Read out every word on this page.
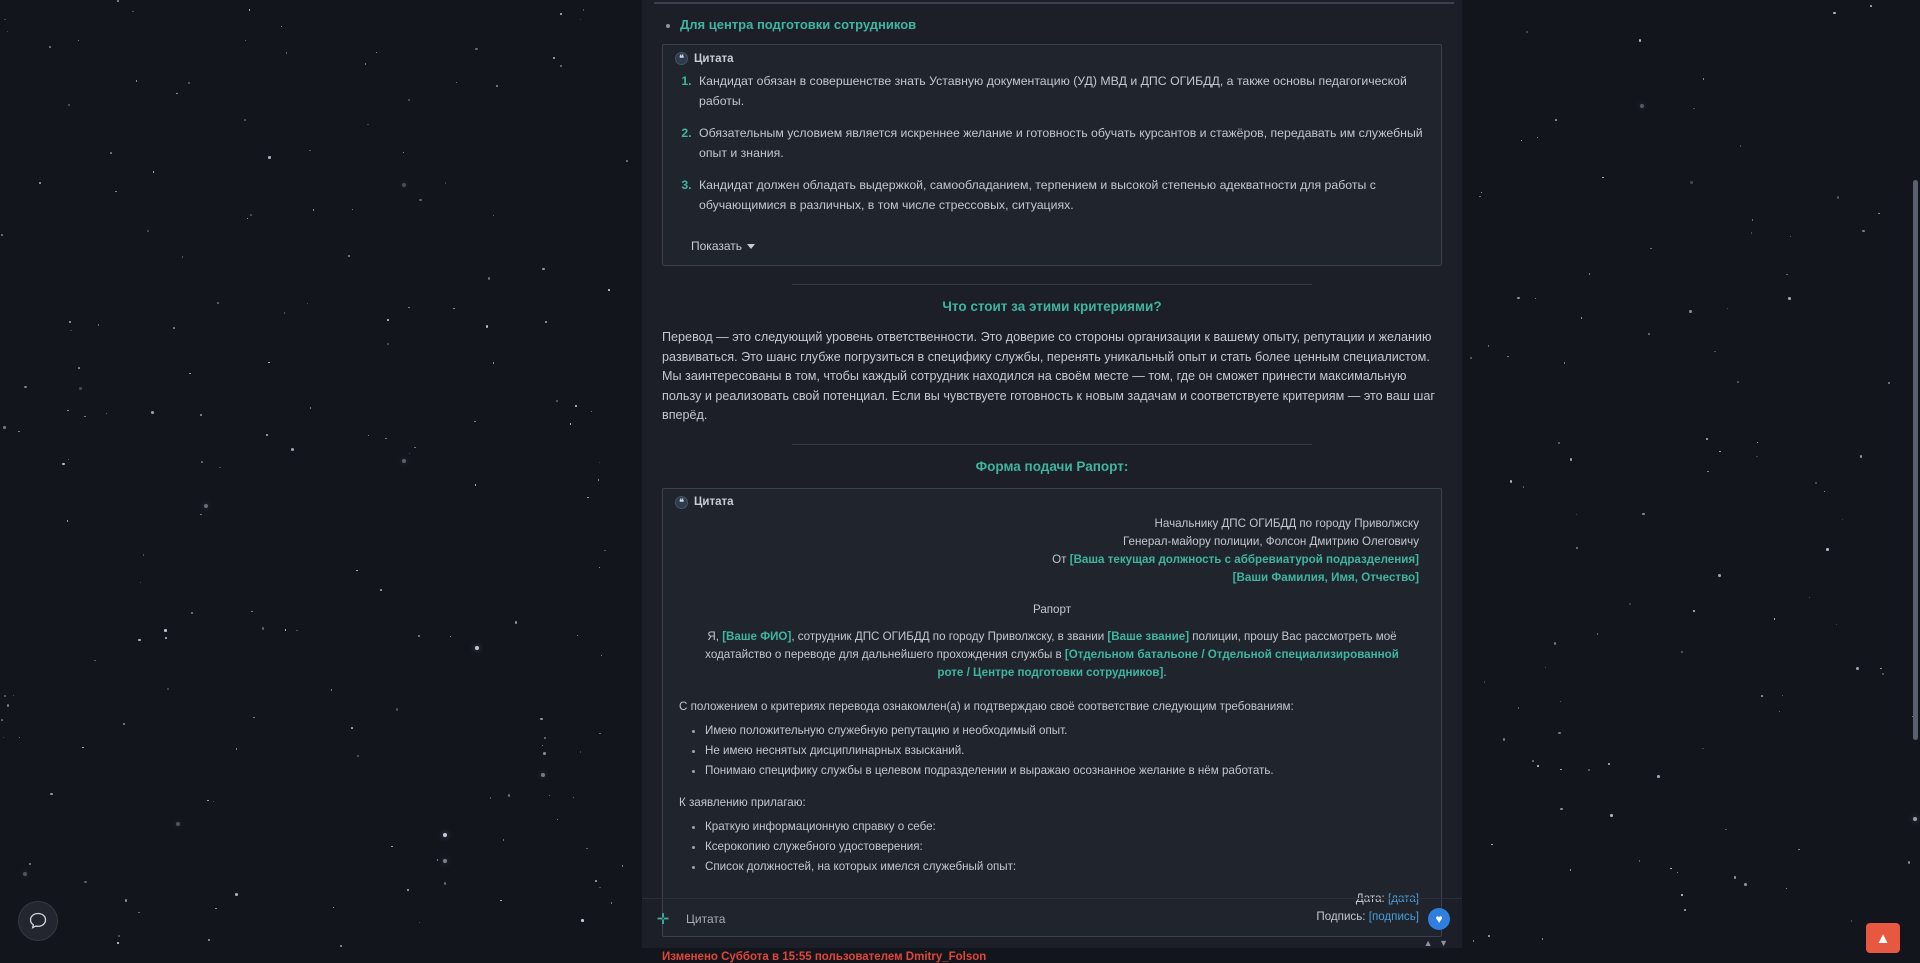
• Для центра подготовки сотрудников
❝ Цитата
1. Кандидат обязан в совершенстве знать Уставную документацию (УД) МВД и ДПС ОГИБДД, а также основы педагогической работы.
2. Обязательным условием является искреннее желание и готовность обучать курсантов и стажёров, передавать им служебный опыт и знания.
3. Кандидат должен обладать выдержкой, самообладанием, терпением и высокой степенью адекватности для работы с обучающимися в различных, в том числе стрессовых, ситуациях.
Показать
Что стоит за этими критериями?
Перевод — это следующий уровень ответственности. Это доверие со стороны организации к вашему опыту, репутации и желанию развиваться. Это шанс глубже погрузиться в специфику службы, перенять уникальный опыт и стать более ценным специалистом. Мы заинтересованы в том, чтобы каждый сотрудник находился на своём месте — том, где он сможет принести максимальную пользу и реализовать свой потенциал. Если вы чувствуете готовность к новым задачам и соответствуете критериям — это ваш шаг вперёд.
Форма подачи Рапорт:
❝ Цитата
Начальнику ДПС ОГИБДД по городу Приволжску
Генерал-майору полиции, Фолсон Дмитрию Олеговичу
От [Ваша текущая должность с аббревиатурой подразделения]
[Ваши Фамилия, Имя, Отчество]
Рапорт
Я, [Ваше ФИО], сотрудник ДПС ОГИБДД по городу Приволжску, в звании [Ваше звание] полиции, прошу Вас рассмотреть моё ходатайство о переводе для дальнейшего прохождения службы в [Отдельном батальоне / Отдельной специализированной роте / Центре подготовки сотрудников].
С положением о критериях перевода ознакомлен(а) и подтверждаю своё соответствие следующим требованиям:
• Имею положительную служебную репутацию и необходимый опыт.
• Не имею неснятых дисциплинарных взысканий.
• Понимаю специфику службы в целевом подразделении и выражаю осознанное желание в нём работать.
К заявлению прилагаю:
• Краткую информационную справку о себе:
• Ксерокопию служебного удостоверения:
• Список должностей, на которых имелся служебный опыт:
Дата: [дата]
Подпись: [подпись]
Изменено Суббота в 15:55 пользователем Dmitry_Folson
✛ Цитата	♥
▲ ▼	▲
